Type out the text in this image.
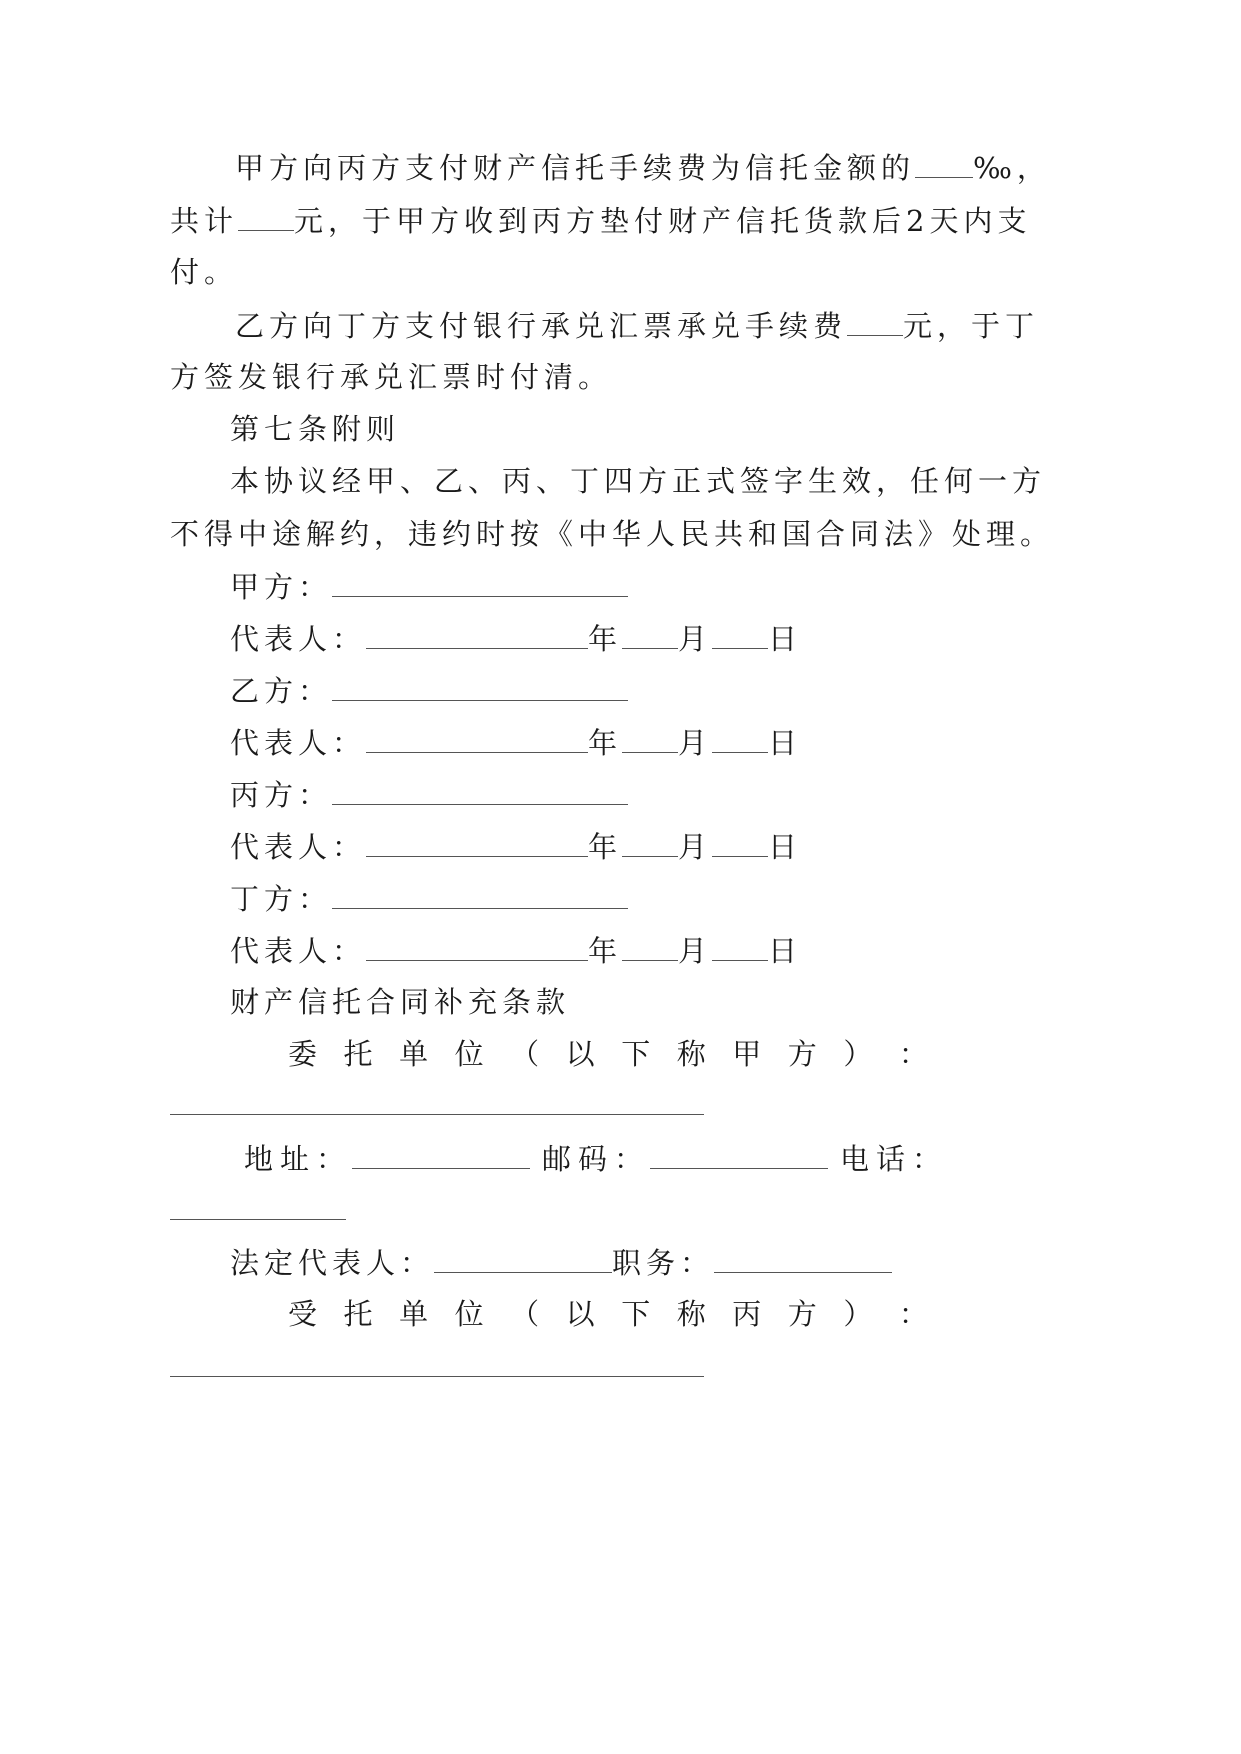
甲方向丙方支付财产信托手续费为信托金额的 ‰，
共计 元，于甲方收到丙方垫付财产信托货款后2天内支
付。
乙方向丁方支付银行承兑汇票承兑手续费 元，于丁
方签发银行承兑汇票时付清。
第七条附则
本协议经甲、乙、丙、丁四方正式签字生效，任何一方
不得中途解约，违约时按《中华人民共和国合同法》处理。
甲方：
代表人：	年 月 日
乙方：
代表人：	年 月 日
丙方：
代表人：	年 月 日
丁方：
代表人：	年 月 日
财产信托合同补充条款
委 托 单 位 （ 以 下 称 甲 方 ） ：
地址：	邮码：	电话：
法定代表人：	职务：
受 托 单 位 （ 以 下 称 丙 方 ） ：
